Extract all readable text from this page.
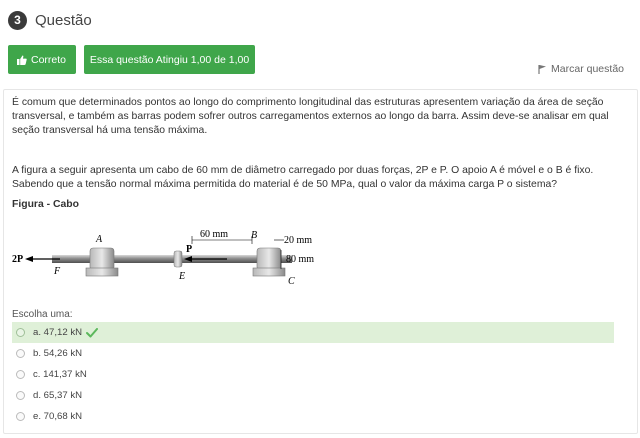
3 Questão
Correto Essa questão Atingiu 1,00 de 1,00
Marcar questão
É comum que determinados pontos ao longo do comprimento longitudinal das estruturas apresentem variação da área de seção transversal, e também as barras podem sofrer outros carregamentos externos ao longo da barra. Assim deve-se analisar em qual seção transversal há uma tensão máxima.
A figura a seguir apresenta um cabo de 60 mm de diâmetro carregado por duas forças, 2P e P. O apoio A é móvel e o B é fixo. Sabendo que a tensão normal máxima permitida do material é de 50 MPa, qual o valor da máxima carga P o sistema?
Figura - Cabo
2P
P
60 mm
20 mm
80 mm
A	B
C
E
F
Escolha uma:
a. 47,12 kN
b. 54,26 kN
c. 141,37 kN
d. 65,37 kN
e. 70,68 kN
